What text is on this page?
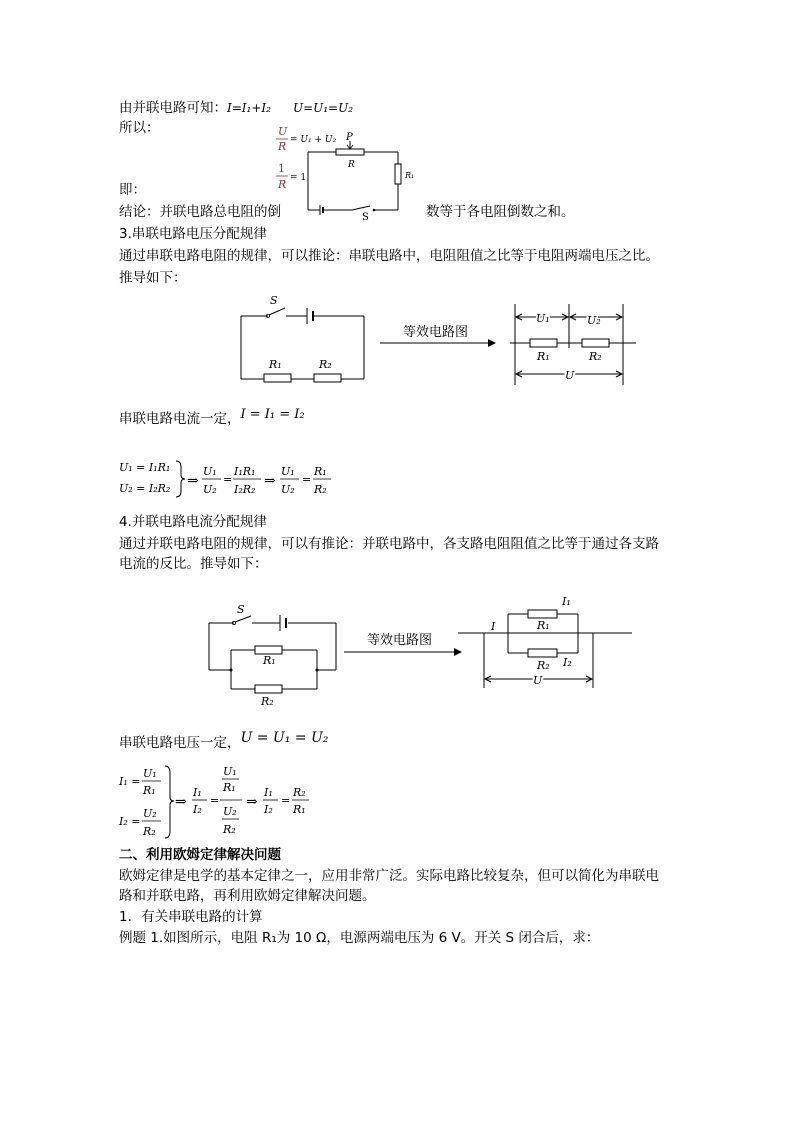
由并联电路可知：I=I₁+I₂ U=U₁=U₂
所以：
即：
结论：并联电路总电阻的倒	数等于各电阻倒数之和。
U
R = U₁ + U₂
1
R = 1
S
P
R
R₁
3.串联电路电压分配规律
通过串联电路电阻的规律，可以推论：串联电路中，电阻阻值之比等于电阻两端电压之比。
推导如下：
S
R₁	R₂
等效电路图
R₁	R₂
U₁	U₂
U
串联电路电流一定，I = I₁ = I₂
U₁ = I₁R₁
U₂ = I₂R₂ ⇒
U₁
U₂
=
I₁R₁
I₂R₂
⇒
U₁
U₂
=
R₁
R₂
4.并联电路电流分配规律
通过并联电路电阻的规律，可以有推论：并联电路中，各支路电阻阻值之比等于通过各支路
电流的反比。推导如下：
S
R₁
R₂
等效电路图
R₁
R₂
I₁
I₂
I
U
串联电路电压一定，U = U₁ = U₂
I₁ =
U₁
R₁
I₂ =
U₂
R₂
⇒
I₁
I₂
=
U₁
R₁
U₂
R₂
⇒
I₁
I₂
=
R₂
R₁
二、利用欧姆定律解决问题
欧姆定律是电学的基本定律之一，应用非常广泛。实际电路比较复杂，但可以简化为串联电
路和并联电路，再利用欧姆定律解决问题。
1．有关串联电路的计算
例题 1.如图所示，电阻 R₁为 10 Ω，电源两端电压为 6 V。开关 S 闭合后，求：
